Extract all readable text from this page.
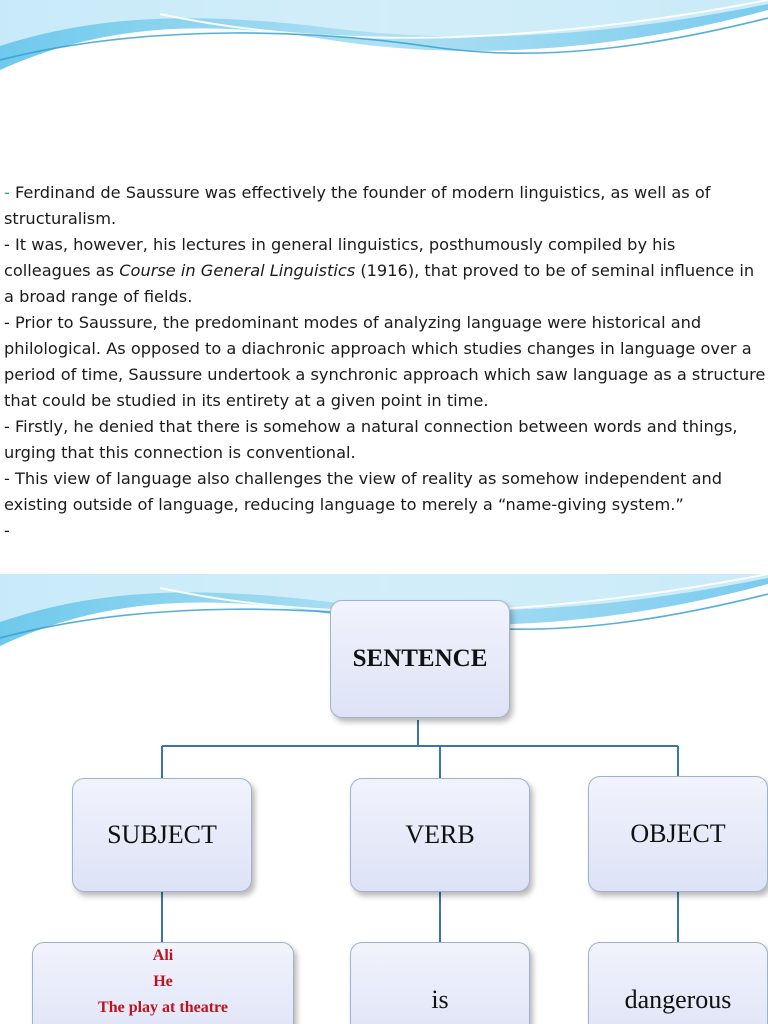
- Ferdinand de Saussure was effectively the founder of modern linguistics, as well as of structuralism.
- It was, however, his lectures in general linguistics, posthumously compiled by his colleagues as Course in General Linguistics (1916), that proved to be of seminal influence in a broad range of fields.
- Prior to Saussure, the predominant modes of analyzing language were historical and philological. As opposed to a diachronic approach which studies changes in language over a period of time, Saussure undertook a synchronic approach which saw language as a structure that could be studied in its entirety at a given point in time.
- Firstly, he denied that there is somehow a natural connection between words and things, urging that this connection is conventional.
- This view of language also challenges the view of reality as somehow independent and existing outside of language, reducing language to merely a “name-giving system.”
-
SENTENCE
SUBJECT	VERB	OBJECT
Ali
He
The play at theatre	is	dangerous
